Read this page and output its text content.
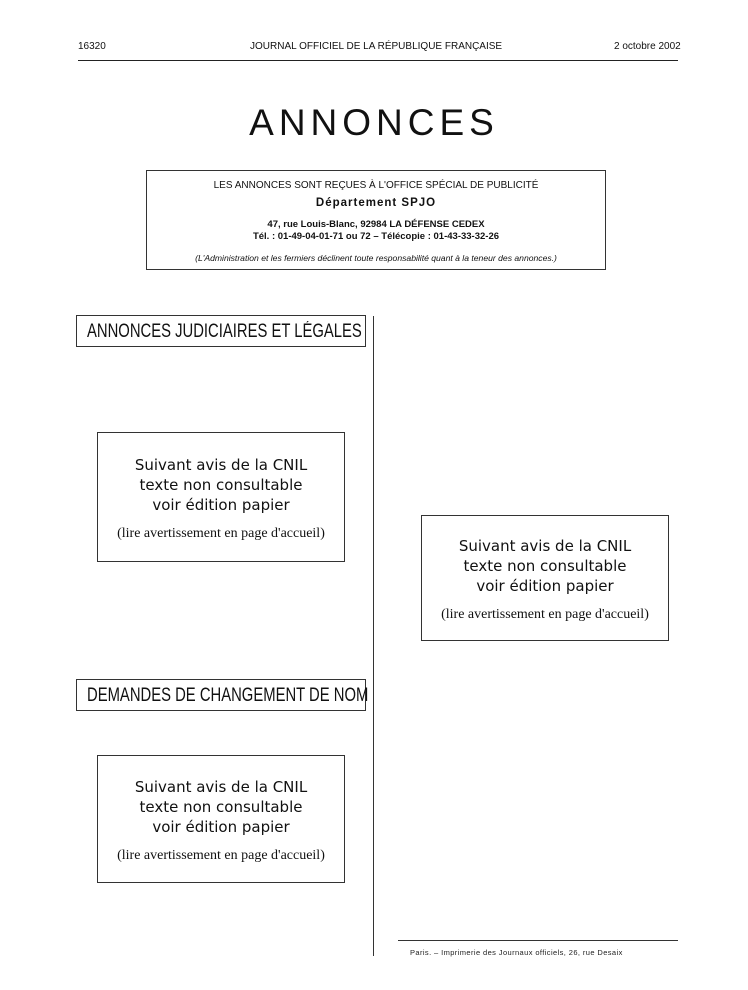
16320	JOURNAL OFFICIEL DE LA RÉPUBLIQUE FRANÇAISE	2 octobre 2002
ANNONCES
LES ANNONCES SONT REÇUES À L'OFFICE SPÉCIAL DE PUBLICITÉ
Département SPJO
47, rue Louis-Blanc, 92984 LA DÉFENSE CEDEX
Tél. : 01-49-04-01-71 ou 72 – Télécopie : 01-43-33-32-26
(L'Administration et les fermiers déclinent toute responsabilité quant à la teneur des annonces.)
ANNONCES JUDICIAIRES ET LÉGALES
Suivant avis de la CNIL
texte non consultable
voir édition papier
(lire avertissement en page d'accueil)
DEMANDES DE CHANGEMENT DE NOM
Suivant avis de la CNIL
texte non consultable
voir édition papier
(lire avertissement en page d'accueil)
Suivant avis de la CNIL
texte non consultable
voir édition papier
(lire avertissement en page d'accueil)
Paris. – Imprimerie des Journaux officiels, 26, rue Desaix
